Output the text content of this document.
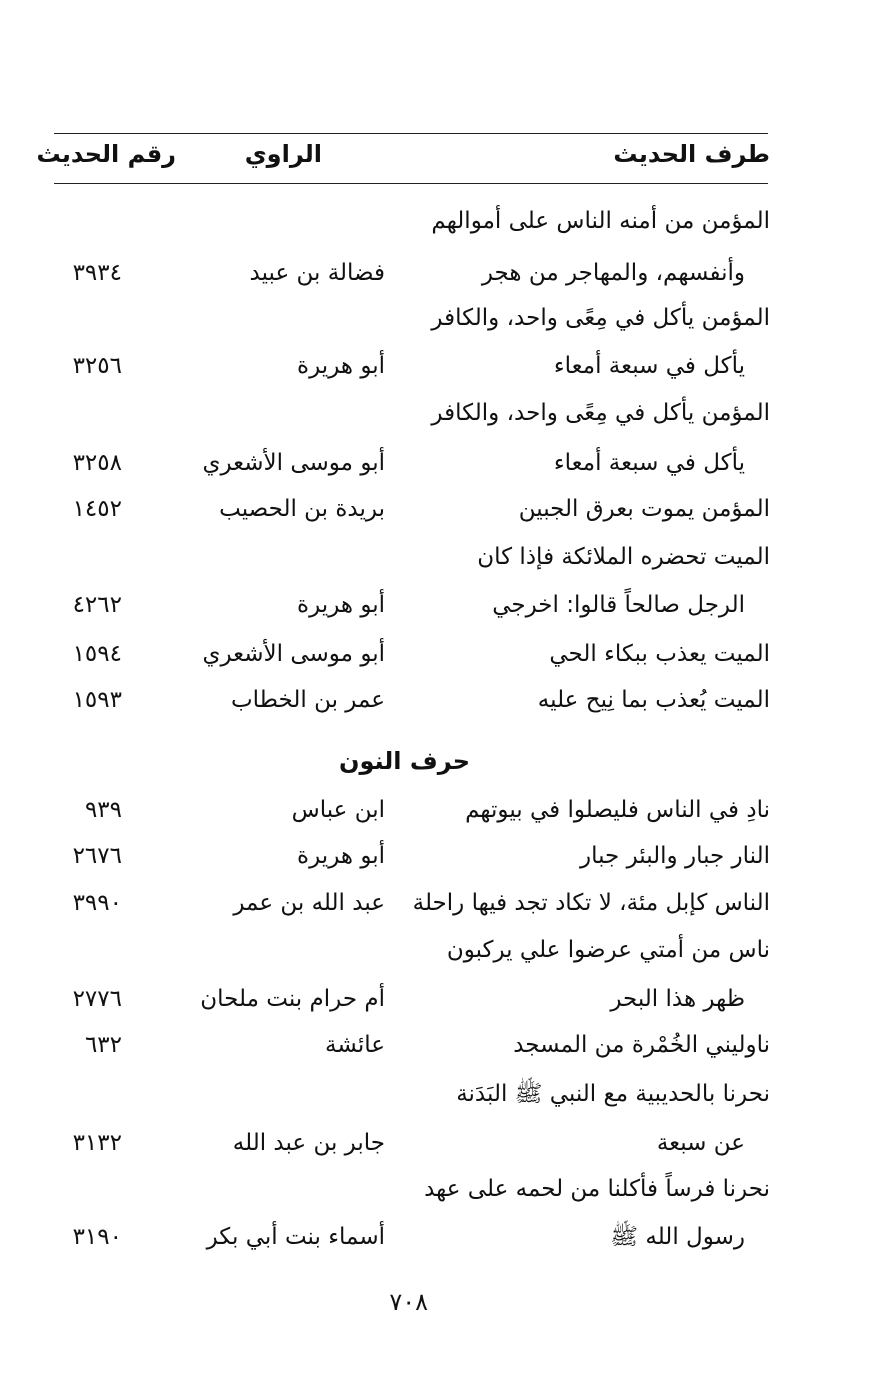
طرف الحديث
الراوي
رقم الحديث
المؤمن من أمنه الناس على أموالهم
وأنفسهم، والمهاجر من هجر
فضالة بن عبيد
٣٩٣٤
المؤمن يأكل في مِعًى واحد، والكافر
يأكل في سبعة أمعاء
أبو هريرة
٣٢٥٦
المؤمن يأكل في مِعًى واحد، والكافر
يأكل في سبعة أمعاء
أبو موسى الأشعري
٣٢٥٨
المؤمن يموت بعرق الجبين
بريدة بن الحصيب
١٤٥٢
الميت تحضره الملائكة فإذا كان
الرجل صالحاً قالوا: اخرجي
أبو هريرة
٤٢٦٢
الميت يعذب ببكاء الحي
أبو موسى الأشعري
١٥٩٤
الميت يُعذب بما نِيح عليه
عمر بن الخطاب
١٥٩٣
حرف النون
نادِ في الناس فليصلوا في بيوتهم
ابن عباس
٩٣٩
النار جبار والبئر جبار
أبو هريرة
٢٦٧٦
الناس كإبل مئة، لا تكاد تجد فيها راحلة
عبد الله بن عمر
٣٩٩٠
ناس من أمتي عرضوا علي يركبون
ظهر هذا البحر
أم حرام بنت ملحان
٢٧٧٦
ناوليني الخُمْرة من المسجد
عائشة
٦٣٢
نحرنا بالحديبية مع النبي ﷺ البَدَنة
عن سبعة
جابر بن عبد الله
٣١٣٢
نحرنا فرساً فأكلنا من لحمه على عهد
رسول الله ﷺ
أسماء بنت أبي بكر
٣١٩٠
٧٠٨
